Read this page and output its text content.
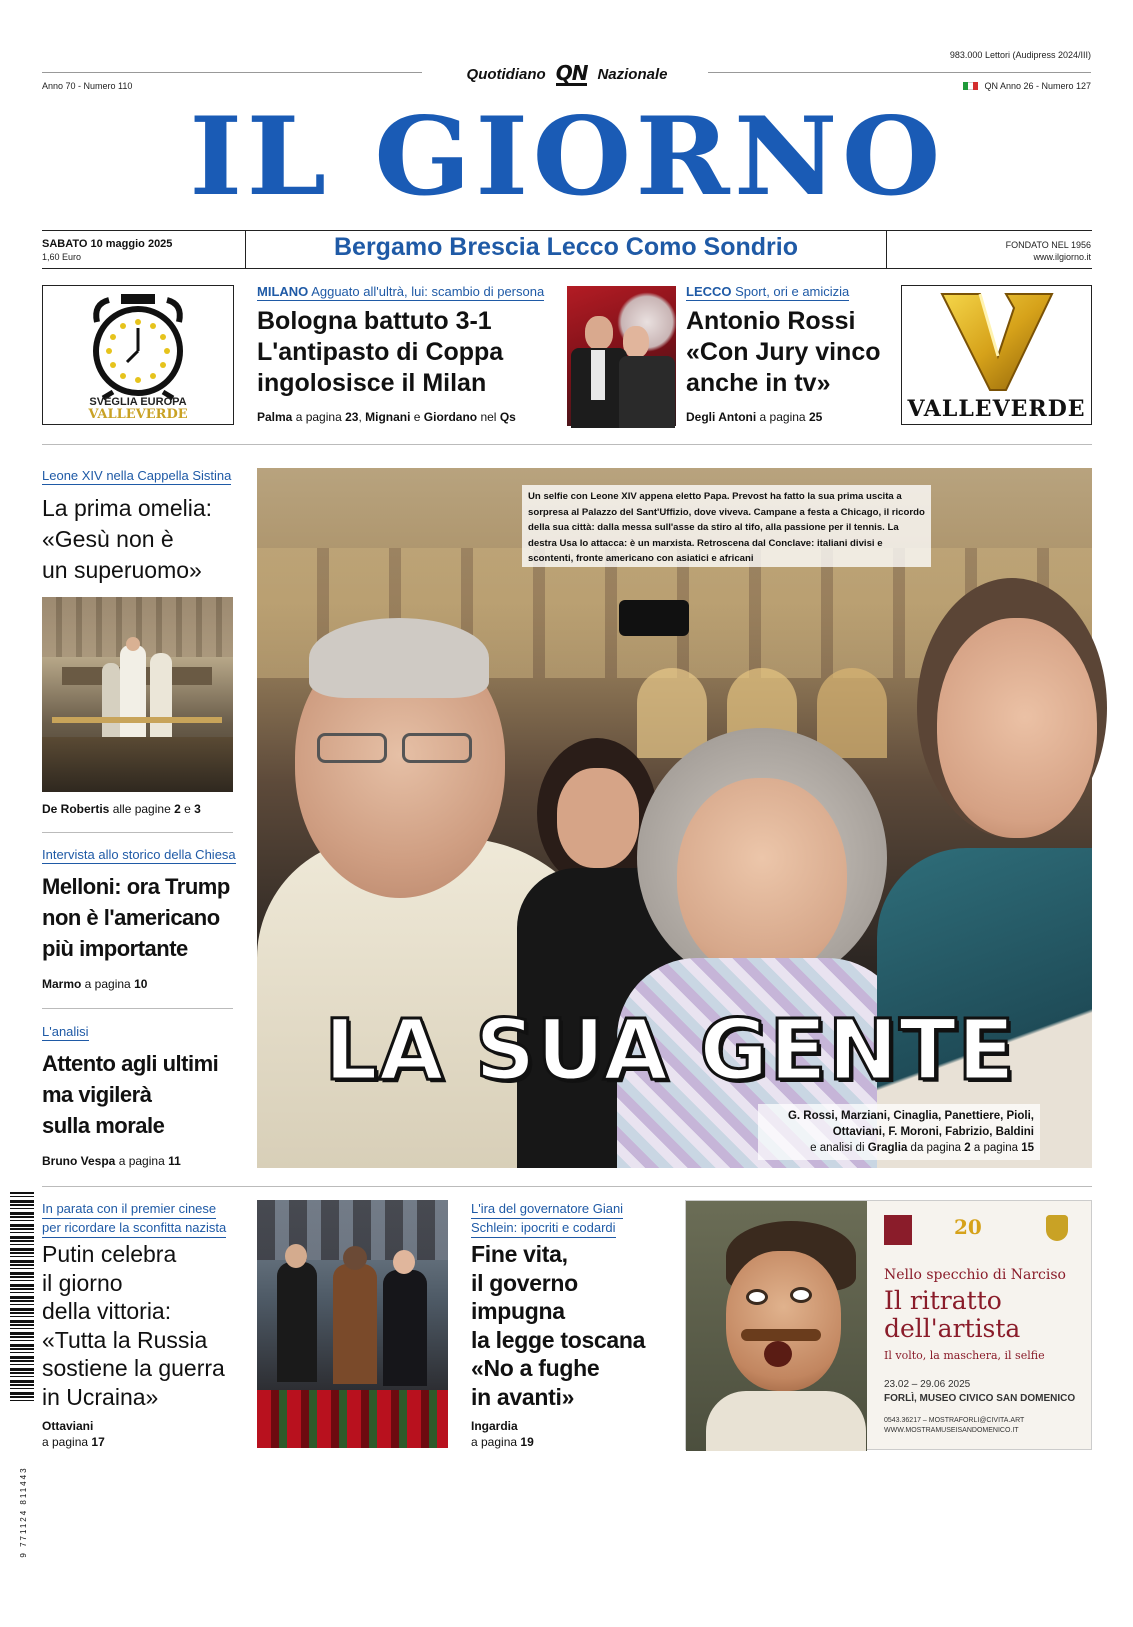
Anno 70 - Numero 110
Quotidiano QN Nazionale
983.000 Lettori (Audipress 2024/III)
QN Anno 26 - Numero 127
IL GIORNO
SABATO 10 maggio 2025
1,60 Euro	Bergamo Brescia Lecco Como Sondrio	FONDATO NEL 1956
www.ilgiorno.it
SVEGLIA EUROPA
VALLEVERDE
MILANO Agguato all'ultrà, lui: scambio di persona
Bologna battuto 3-1
L'antipasto di Coppa
ingolosisce il Milan
Palma a pagina 23, Mignani e Giordano nel Qs
LECCO Sport, ori e amicizia
Antonio Rossi
«Con Jury vinco
anche in tv»
Degli Antoni a pagina 25	VALLEVERDE
Leone XIV nella Cappella Sistina
La prima omelia:
«Gesù non è
un superuomo»
De Robertis alle pagine 2 e 3
Intervista allo storico della Chiesa
Melloni: ora Trump
non è l'americano
più importante
Marmo a pagina 10
L'analisi
Attento agli ultimi
ma vigilerà
sulla morale
Bruno Vespa a pagina 11
Un selfie con Leone XIV appena eletto Papa. Prevost ha fatto la sua prima uscita a sorpresa al Palazzo del Sant'Uffizio, dove viveva. Campane a festa a Chicago, il ricordo della sua città: dalla messa sull'asse da stiro al tifo, alla passione per il tennis. La destra Usa lo attacca: è un marxista. Retroscena dal Conclave: italiani divisi e scontenti, fronte americano con asiatici e africani
LA SUA GENTE
G. Rossi, Marziani, Cinaglia, Panettiere, Pioli,
Ottaviani, F. Moroni, Fabrizio, Baldini
e analisi di Graglia da pagina 2 a pagina 15
9 771124 811443
In parata con il premier cinese
per ricordare la sconfitta nazista
Putin celebra
il giorno
della vittoria:
«Tutta la Russia
sostiene la guerra
in Ucraina»
Ottaviani
a pagina 17
L'ira del governatore Giani
Schlein: ipocriti e codardi
Fine vita,
il governo
impugna
la legge toscana
«No a fughe
in avanti»
Ingardia
a pagina 19
20
Nello specchio di Narciso
Il ritratto
dell'artista
Il volto, la maschera, il selfie
23.02 – 29.06 2025
FORLÌ, MUSEO CIVICO SAN DOMENICO
0543.36217 – MOSTRAFORLI@CIVITA.ART
WWW.MOSTRAMUSEISANDOMENICO.IT
